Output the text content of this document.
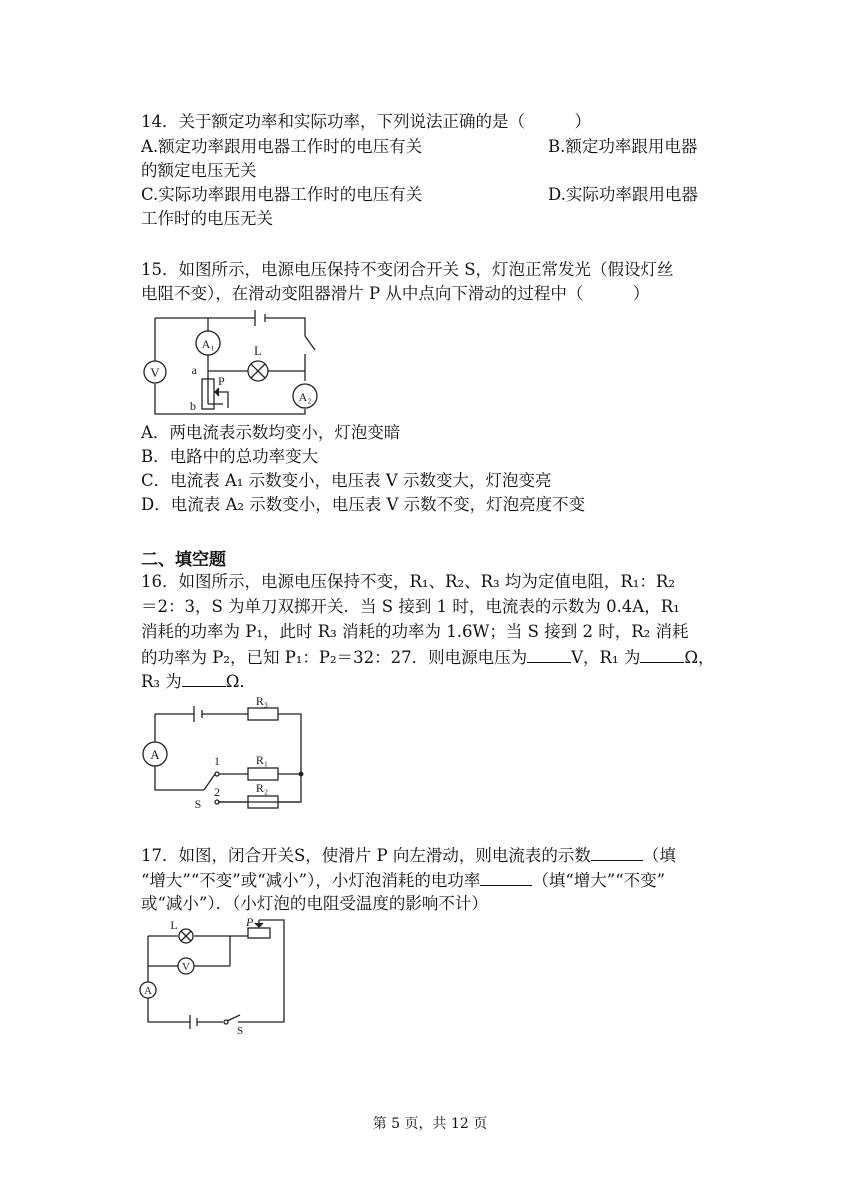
14．关于额定功率和实际功率，下列说法正确的是（　　　）
A.额定功率跟用电器工作时的电压有关	B.额定功率跟用电器
的额定电压无关
C.实际功率跟用电器工作时的电压有关	D.实际功率跟用电器
工作时的电压无关
15．如图所示，电源电压保持不变闭合开关 S，灯泡正常发光（假设灯丝
电阻不变），在滑动变阻器滑片 P 从中点向下滑动的过程中（　　　）
V
A₁	L
P
a
b
A₂
A．两电流表示数均变小，灯泡变暗
B．电路中的总功率变大
C．电流表 A₁ 示数变小，电压表 V 示数变大，灯泡变亮
D．电流表 A₂ 示数变小，电压表 V 示数不变，灯泡亮度不变
二、填空题
16．如图所示，电源电压保持不变，R₁、R₂、R₃ 均为定值电阻，R₁：R₂
＝2：3，S 为单刀双掷开关．当 S 接到 1 时，电流表的示数为 0.4A，R₁
消耗的功率为 P₁，此时 R₃ 消耗的功率为 1.6W；当 S 接到 2 时，R₂ 消耗
的功率为 P₂，已知 P₁：P₂＝32：27．则电源电压为	V，R₁ 为	Ω，
R₃ 为	Ω．
R₃
A	1
2
S
R₁
R₂
17．如图，闭合开关S，使滑片 P 向左滑动，则电流表的示数	（填
“增大”“不变”或“减小”），小灯泡消耗的电功率	（填“增大”“不变”
或“减小”）．（小灯泡的电阻受温度的影响不计）
L	P
V
A
S
第 5 页，共 12 页
